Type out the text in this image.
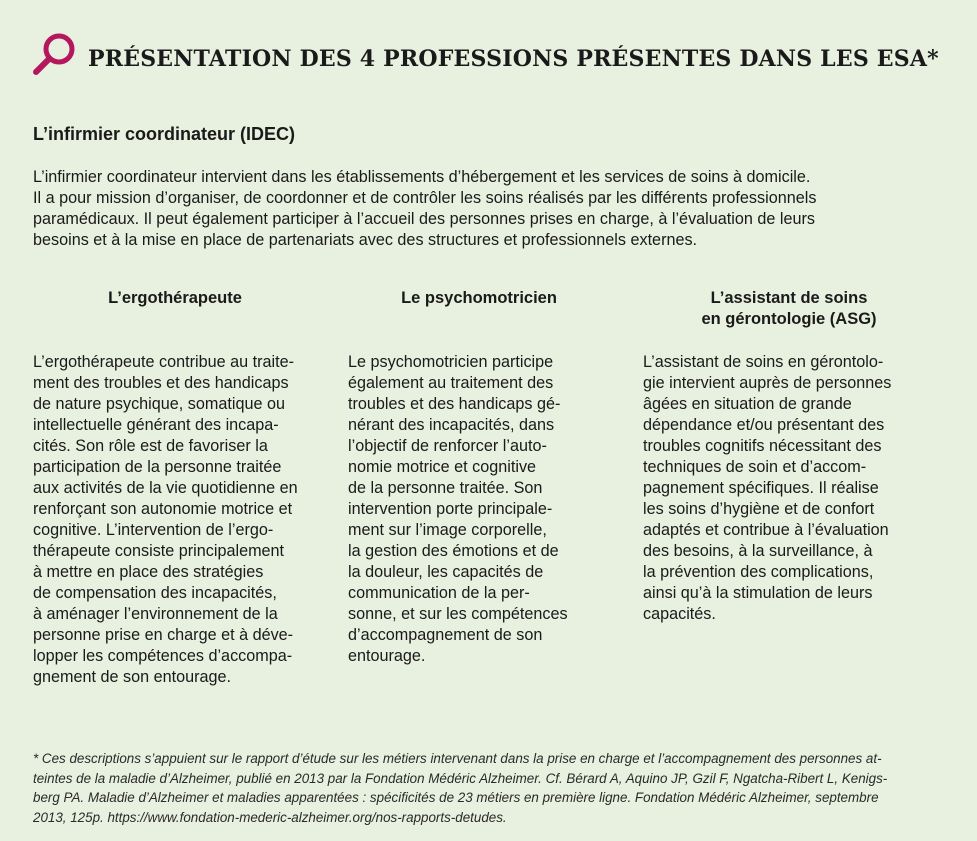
PRÉSENTATION DES 4 PROFESSIONS PRÉSENTES DANS LES ESA*
L’infirmier coordinateur (IDEC)

L’infirmier coordinateur intervient dans les établissements d’hébergement et les services de soins à domicile.
Il a pour mission d’organiser, de coordonner et de contrôler les soins réalisés par les différents professionnels
paramédicaux. Il peut également participer à l’accueil des personnes prises en charge, à l’évaluation de leurs
besoins et à la mise en place de partenariats avec des structures et professionnels externes.

L’ergothérapeute	Le psychomotricien	L’assistant de soins
en gérontologie (ASG)

L’ergothérapeute contribue au traite-
ment des troubles et des handicaps
de nature psychique, somatique ou
intellectuelle générant des incapa-
cités. Son rôle est de favoriser la
participation de la personne traitée
aux activités de la vie quotidienne en
renforçant son autonomie motrice et
cognitive. L’intervention de l’ergo-
thérapeute consiste principalement
à mettre en place des stratégies
de compensation des incapacités,
à aménager l’environnement de la
personne prise en charge et à déve-
lopper les compétences d’accompa-
gnement de son entourage.

Le psychomotricien participe
également au traitement des
troubles et des handicaps gé-
nérant des incapacités, dans
l’objectif de renforcer l’auto-
nomie motrice et cognitive
de la personne traitée. Son
intervention porte principale-
ment sur l’image corporelle,
la gestion des émotions et de
la douleur, les capacités de
communication de la per-
sonne, et sur les compétences
d’accompagnement de son
entourage.

L’assistant de soins en gérontolo-
gie intervient auprès de personnes
âgées en situation de grande
dépendance et/ou présentant des
troubles cognitifs nécessitant des
techniques de soin et d’accom-
pagnement spécifiques. Il réalise
les soins d’hygiène et de confort
adaptés et contribue à l’évaluation
des besoins, à la surveillance, à
la prévention des complications,
ainsi qu’à la stimulation de leurs
capacités.

* Ces descriptions s’appuient sur le rapport d’étude sur les métiers intervenant dans la prise en charge et l’accompagnement des personnes at-
teintes de la maladie d’Alzheimer, publié en 2013 par la Fondation Médéric Alzheimer. Cf. Bérard A, Aquino JP, Gzil F, Ngatcha-Ribert L, Kenigs-
berg PA. Maladie d’Alzheimer et maladies apparentées : spécificités de 23 métiers en première ligne. Fondation Médéric Alzheimer, septembre
2013, 125p. https://www.fondation-mederic-alzheimer.org/nos-rapports-detudes.
